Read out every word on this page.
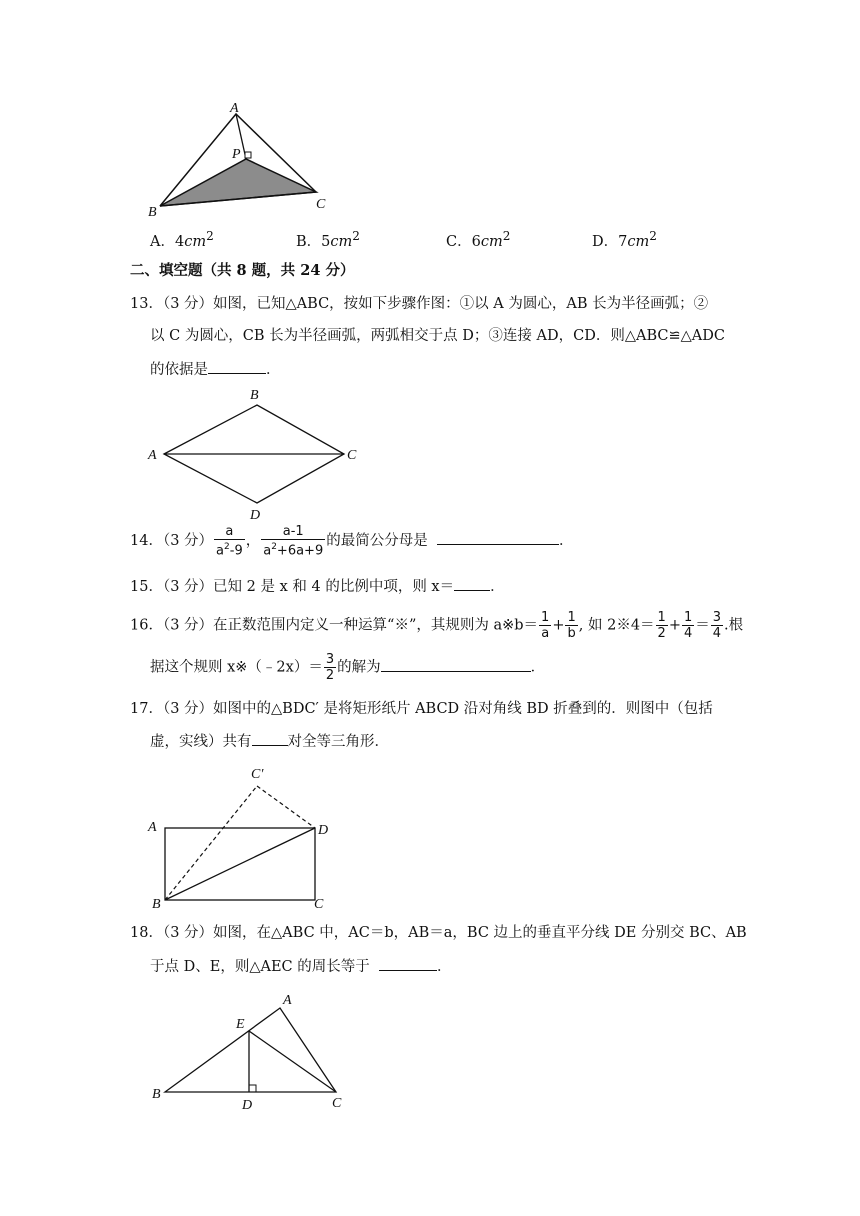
A
P
B
C
A．$4cm^2$	B．$5cm^2$	C．$6cm^2$	D．$7cm^2$
二、填空题（共 8 题，共 24 分）
13．（3 分）如图，已知△ABC，按如下步骤作图：①以 A 为圆心，AB 长为半径画弧；②
以 C 为圆心，CB 长为半径画弧，两弧相交于点 D；③连接 AD，CD．则△ABC≌△ADC
的依据是	．
B
A	C
D
14．（3 分） $\frac{a}{a^2-9}$ ， $\frac{a-1}{a^2+6a+9}$ 的最简公分母是	．
15．（3 分）已知 2 是 x 和 4 的比例中项，则 x＝ ．
16．（3 分）在正数范围内定义一种运算“※”，其规则为 a※b＝ $\frac{1}{a} + \frac{1}{b}$ , 如 2※4＝ $\frac{1}{2} + \frac{1}{4} = \frac{3}{4}$ .根
据这个规则 x※（﹣2x）＝ $\frac{3}{2}$ 的解为	．
17．（3 分）如图中的△BDC′ 是将矩形纸片 ABCD 沿对角线 BD 折叠到的．则图中（包括
虚，实线）共有 对全等三角形．
C′
A	D
B	C
18．（3 分）如图，在△ABC 中，AC＝b，AB＝a，BC 边上的垂直平分线 DE 分别交 BC、AB
于点 D、E，则△AEC 的周长等于	．
A
E
B
D	C
